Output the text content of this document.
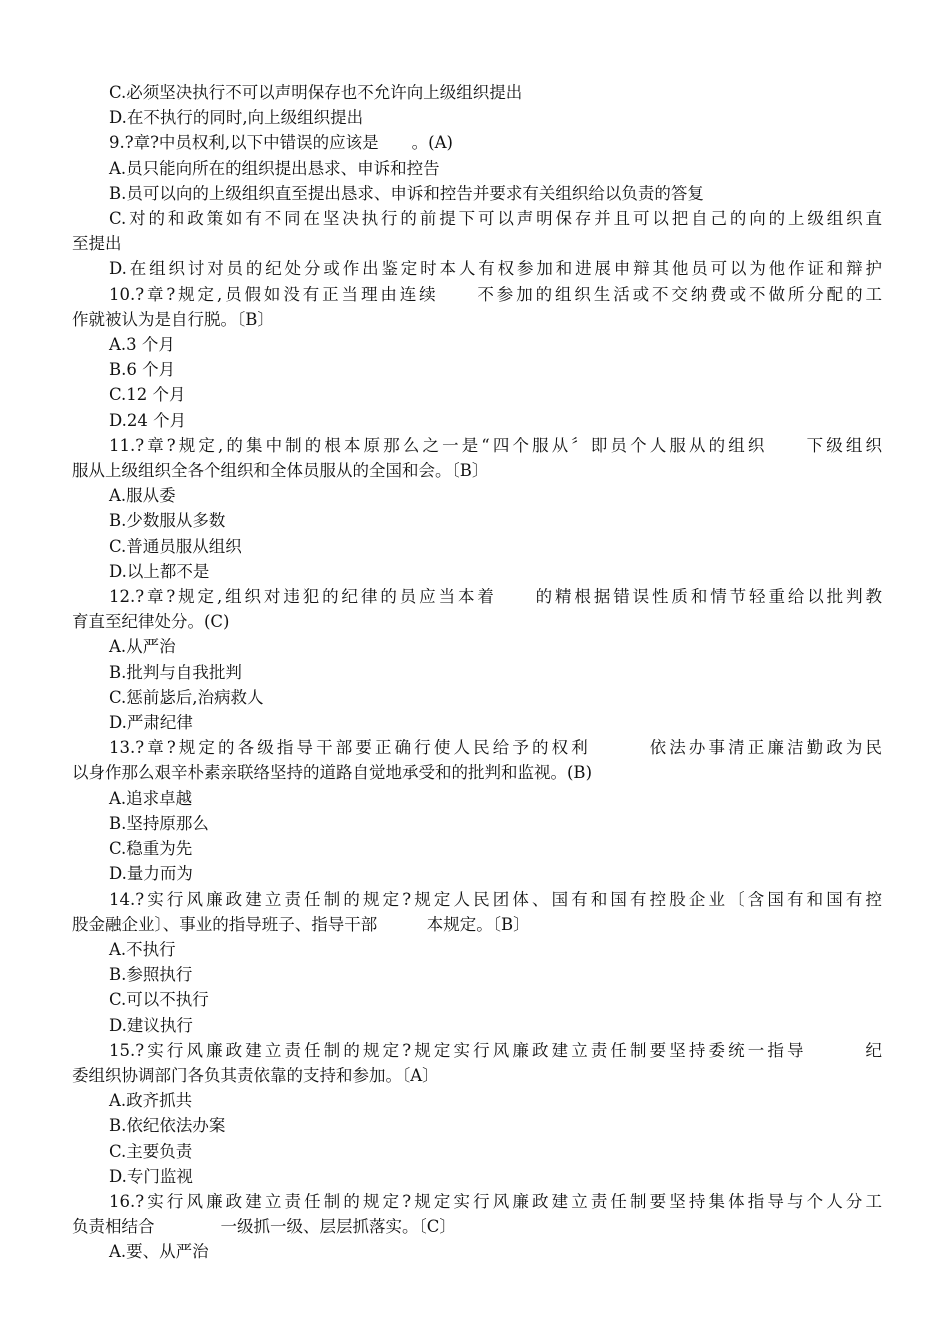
C.必须坚决执行不可以声明保存也不允许向上级组织提出
D.在不执行的同时,向上级组织提出
9.?章?中员权利,以下中错误的应该是　　。(A)
A.员只能向所在的组织提出恳求、申诉和控告
B.员可以向的上级组织直至提出恳求、申诉和控告并要求有关组织给以负责的答复
C.对的和政策如有不同在坚决执行的前提下可以声明保存并且可以把自己的向的上级组织直
至提出
D.在组织讨对员的纪处分或作出鉴定时本人有权参加和进展申辩其他员可以为他作证和辩护
10.?章?规定,员假如没有正当理由连续　　不参加的组织生活或不交纳费或不做所分配的工
作就被认为是自行脱。〔B〕
A.3 个月
B.6 个月
C.12 个月
D.24 个月
11.?章?规定,的集中制的根本原那么之一是“四个服从〞即员个人服从的组织　　下级组织
服从上级组织全各个组织和全体员服从的全国和会。〔B〕
A.服从委
B.少数服从多数
C.普通员服从组织
D.以上都不是
12.?章?规定,组织对违犯的纪律的员应当本着　　的精根据错误性质和情节轻重给以批判教
育直至纪律处分。(C)
A.从严治
B.批判与自我批判
C.惩前毖后,治病救人
D.严肃纪律
13.?章?规定的各级指导干部要正确行使人民给予的权利　　　依法办事清正廉洁勤政为民
以身作那么艰辛朴素亲联络坚持的道路自觉地承受和的批判和监视。(B)
A.追求卓越
B.坚持原那么
C.稳重为先
D.量力而为
14.?实行风廉政建立责任制的规定?规定人民团体、国有和国有控股企业〔含国有和国有控
股金融企业〕、事业的指导班子、指导干部　　　本规定。〔B〕
A.不执行
B.参照执行
C.可以不执行
D.建议执行
15.?实行风廉政建立责任制的规定?规定实行风廉政建立责任制要坚持委统一指导　　　纪
委组织协调部门各负其责依靠的支持和参加。〔A〕
A.政齐抓共
B.依纪依法办案
C.主要负责
D.专门监视
16.?实行风廉政建立责任制的规定?规定实行风廉政建立责任制要坚持集体指导与个人分工
负责相结合　　　　一级抓一级、层层抓落实。〔C〕
A.要、从严治
